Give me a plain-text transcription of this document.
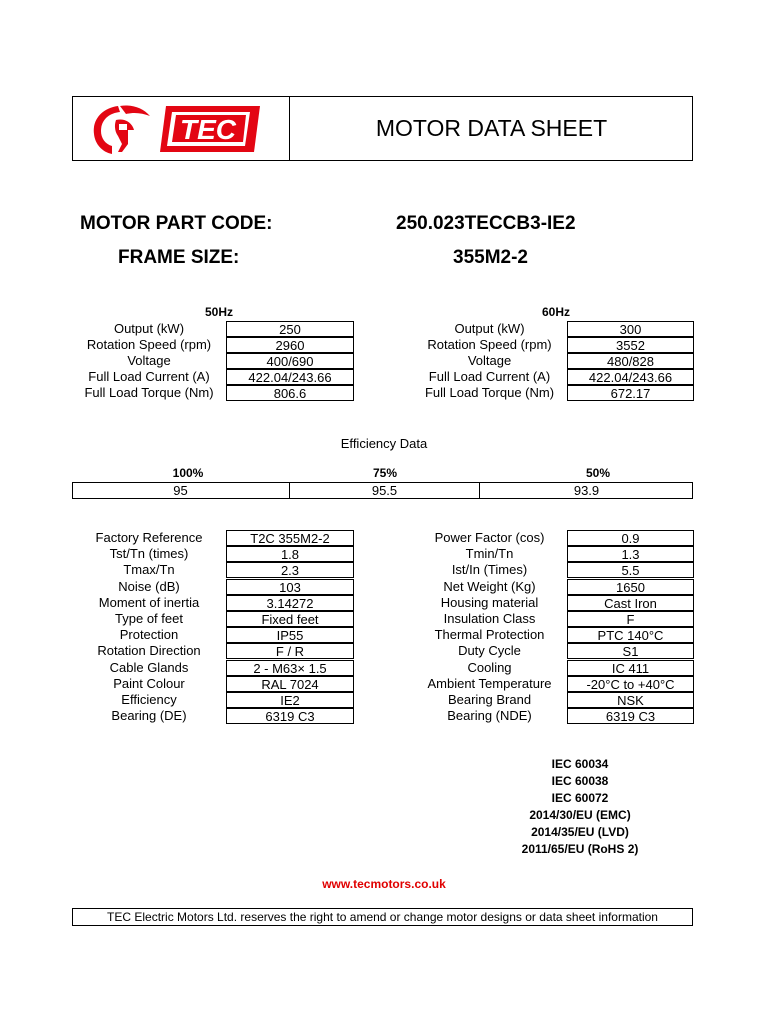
TEC	MOTOR DATA SHEET
MOTOR PART CODE:	250.023TECCB3-IE2
FRAME SIZE:	355M2-2
50Hz
Output (kW)	250
Rotation Speed (rpm)	2960
Voltage	400/690
Full Load Current (A)	422.04/243.66
Full Load Torque (Nm)	806.6
60Hz
Output (kW)	300
Rotation Speed (rpm)	3552
Voltage	480/828
Full Load Current (A)	422.04/243.66
Full Load Torque (Nm)	672.17
Efficiency Data
100%	75%	50%
95	95.5	93.9
Factory Reference	T2C 355M2-2
Tst/Tn (times)	1.8
Tmax/Tn	2.3
Noise (dB)	103
Moment of inertia	3.14272
Type of feet	Fixed feet
Protection	IP55
Rotation Direction	F / R
Cable Glands	2 - M63× 1.5
Paint Colour	RAL 7024
Efficiency	IE2
Bearing (DE)	6319 C3
Power Factor (cos)	0.9
Tmin/Tn	1.3
Ist/In (Times)	5.5
Net Weight (Kg)	1650
Housing material	Cast Iron
Insulation Class	F
Thermal Protection	PTC 140°C
Duty Cycle	S1
Cooling	IC 411
Ambient Temperature	-20°C to +40°C
Bearing Brand	NSK
Bearing (NDE)	6319 C3
IEC 60034
IEC 60038
IEC 60072
2014/30/EU (EMC)
2014/35/EU (LVD)
2011/65/EU (RoHS 2)
www.tecmotors.co.uk
TEC Electric Motors Ltd. reserves the right to amend or change motor designs or data sheet information
